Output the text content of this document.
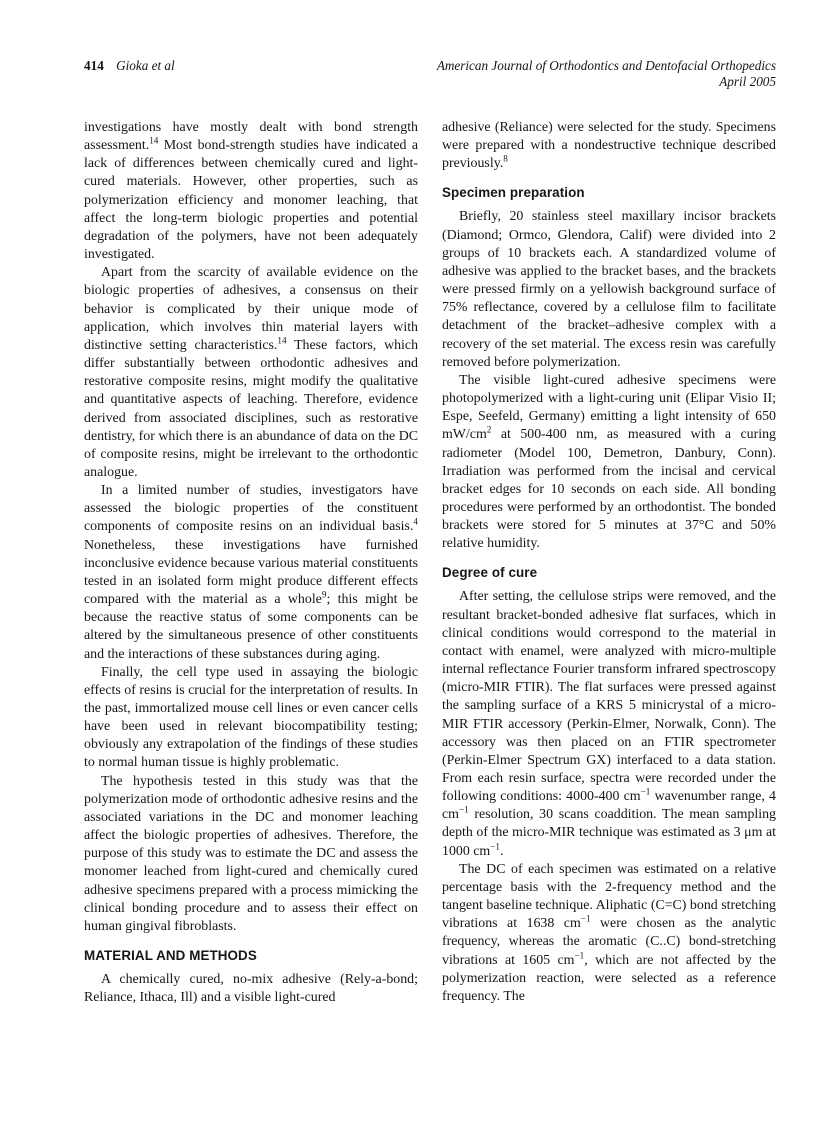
414 Gioka et al	American Journal of Orthodontics and Dentofacial Orthopedics
April 2005

investigations have mostly dealt with bond strength assessment.$^{14}$ Most bond-strength studies have indicated a lack of differences between chemically cured and light-cured materials. However, other properties, such as polymerization efficiency and monomer leaching, that affect the long-term biologic properties and potential degradation of the polymers, have not been adequately investigated.

Apart from the scarcity of available evidence on the biologic properties of adhesives, a consensus on their behavior is complicated by their unique mode of application, which involves thin material layers with distinctive setting characteristics.$^{14}$ These factors, which differ substantially between orthodontic adhesives and restorative composite resins, might modify the qualitative and quantitative aspects of leaching. Therefore, evidence derived from associated disciplines, such as restorative dentistry, for which there is an abundance of data on the DC of composite resins, might be irrelevant to the orthodontic analogue.

In a limited number of studies, investigators have assessed the biologic properties of the constituent components of composite resins on an individual basis.$^4$ Nonetheless, these investigations have furnished inconclusive evidence because various material constituents tested in an isolated form might produce different effects compared with the material as a whole$^9$; this might be because the reactive status of some components can be altered by the simultaneous presence of other constituents and the interactions of these substances during aging.

Finally, the cell type used in assaying the biologic effects of resins is crucial for the interpretation of results. In the past, immortalized mouse cell lines or even cancer cells have been used in relevant biocompatibility testing; obviously any extrapolation of the findings of these studies to normal human tissue is highly problematic.

The hypothesis tested in this study was that the polymerization mode of orthodontic adhesive resins and the associated variations in the DC and monomer leaching affect the biologic properties of adhesives. Therefore, the purpose of this study was to estimate the DC and assess the monomer leached from light-cured and chemically cured adhesive specimens prepared with a process mimicking the clinical bonding procedure and to assess their effect on human gingival fibroblasts.

MATERIAL AND METHODS

A chemically cured, no-mix adhesive (Rely-a-bond; Reliance, Ithaca, Ill) and a visible light-cured

adhesive (Reliance) were selected for the study. Specimens were prepared with a nondestructive technique described previously.$^8$

Specimen preparation

Briefly, 20 stainless steel maxillary incisor brackets (Diamond; Ormco, Glendora, Calif) were divided into 2 groups of 10 brackets each. A standardized volume of adhesive was applied to the bracket bases, and the brackets were pressed firmly on a yellowish background surface of 75% reflectance, covered by a cellulose film to facilitate detachment of the bracket–adhesive complex with a recovery of the set material. The excess resin was carefully removed before polymerization.

The visible light-cured adhesive specimens were photopolymerized with a light-curing unit (Elipar Visio II; Espe, Seefeld, Germany) emitting a light intensity of 650 $mW/cm^2$ at 500-400 nm, as measured with a curing radiometer (Model 100, Demetron, Danbury, Conn). Irradiation was performed from the incisal and cervical bracket edges for 10 seconds on each side. All bonding procedures were performed by an orthodontist. The bonded brackets were stored for 5 minutes at 37°C and 50% relative humidity.

Degree of cure

After setting, the cellulose strips were removed, and the resultant bracket-bonded adhesive flat surfaces, which in clinical conditions would correspond to the material in contact with enamel, were analyzed with micro-multiple internal reflectance Fourier transform infrared spectroscopy (micro-MIR FTIR). The flat surfaces were pressed against the sampling surface of a KRS 5 minicrystal of a micro-MIR FTIR accessory (Perkin-Elmer, Norwalk, Conn). The accessory was then placed on an FTIR spectrometer (Perkin-Elmer Spectrum GX) interfaced to a data station. From each resin surface, spectra were recorded under the following conditions: 4000-400 $cm^{-1}$ wavenumber range, 4 $cm^{-1}$ resolution, 30 scans coaddition. The mean sampling depth of the micro-MIR technique was estimated as 3 μm at 1000 $cm^{-1}$.

The DC of each specimen was estimated on a relative percentage basis with the 2-frequency method and the tangent baseline technique. Aliphatic (C=C) bond stretching vibrations at 1638 $cm^{-1}$ were chosen as the analytic frequency, whereas the aromatic (C..C) bond-stretching vibrations at 1605 $cm^{-1}$, which are not affected by the polymerization reaction, were selected as a reference frequency. The
